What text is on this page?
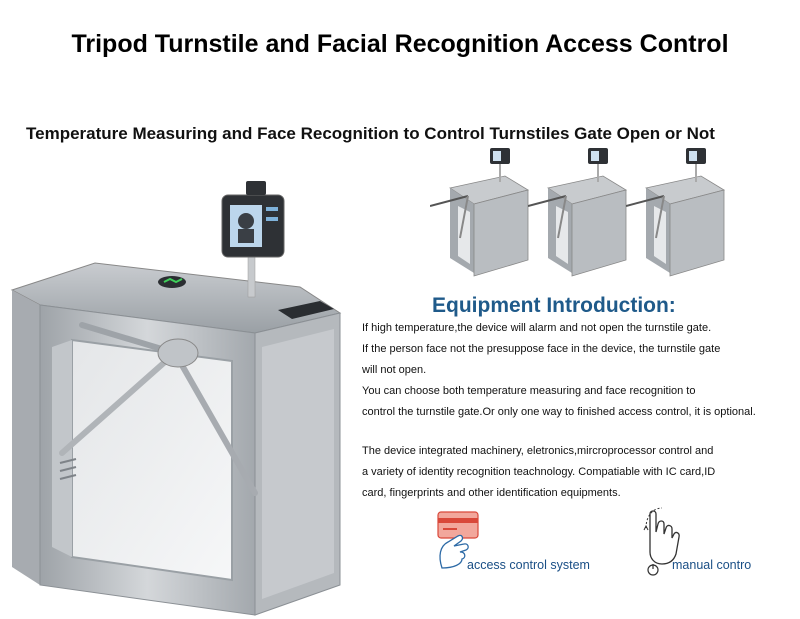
Tripod Turnstile and Facial Recognition Access Control
Temperature Measuring and Face Recognition to Control Turnstiles Gate Open or Not
Equipment Introduction:

If high temperature,the device will alarm and not open the turnstile gate.

If the person face not the presuppose face in the device, the turnstile gate

will not open.

You can choose both temperature measuring and face recognition to

control the turnstile gate.Or only one way to finished access control, it is optional.

The device integrated machinery, eletronics,mircroprocessor control and

a variety of identity recognition teachnology. Compatiable with IC card,ID

card, fingerprints and other identification equipments.

access control system	manual contro
